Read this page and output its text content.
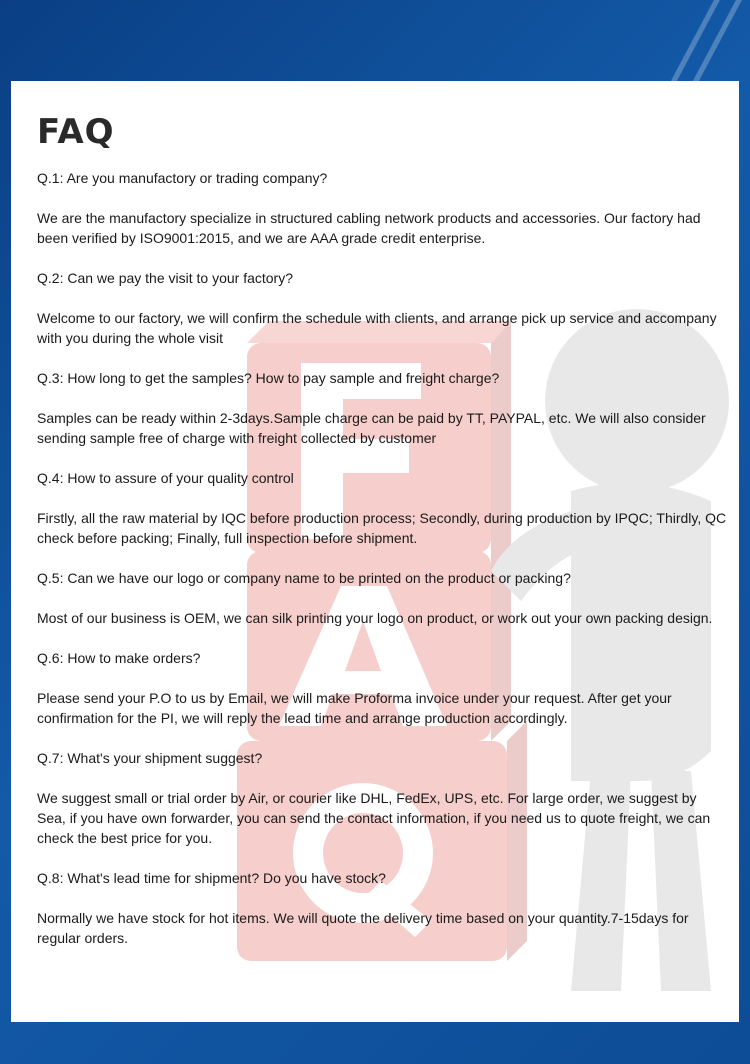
FAQ

Q.1: Are you manufactory or trading company?

We are the manufactory specialize in structured cabling network products and accessories. Our factory had been verified by ISO9001:2015, and we are AAA grade credit enterprise.

Q.2: Can we pay the visit to your factory?

Welcome to our factory, we will confirm the schedule with clients, and arrange pick up service and accompany with you during the whole visit

Q.3: How long to get the samples? How to pay sample and freight charge?

Samples can be ready within 2-3days.Sample charge can be paid by TT, PAYPAL, etc. We will also consider sending sample free of charge with freight collected by customer

Q.4: How to assure of your quality control

Firstly, all the raw material by IQC before production process; Secondly, during production by IPQC; Thirdly, QC check before packing; Finally, full inspection before shipment.

Q.5: Can we have our logo or company name to be printed on the product or packing?

Most of our business is OEM, we can silk printing your logo on product, or work out your own packing design.

Q.6: How to make orders?

Please send your P.O to us by Email, we will make Proforma invoice under your request. After get your confirmation for the PI, we will reply the lead time and arrange production accordingly.

Q.7: What's your shipment suggest?

We suggest small or trial order by Air, or courier like DHL, FedEx, UPS, etc. For large order, we suggest by Sea, if you have own forwarder, you can send the contact information, if you need us to quote freight, we can check the best price for you.

Q.8: What's lead time for shipment? Do you have stock?

Normally we have stock for hot items. We will quote the delivery time based on your quantity.7-15days for regular orders.
